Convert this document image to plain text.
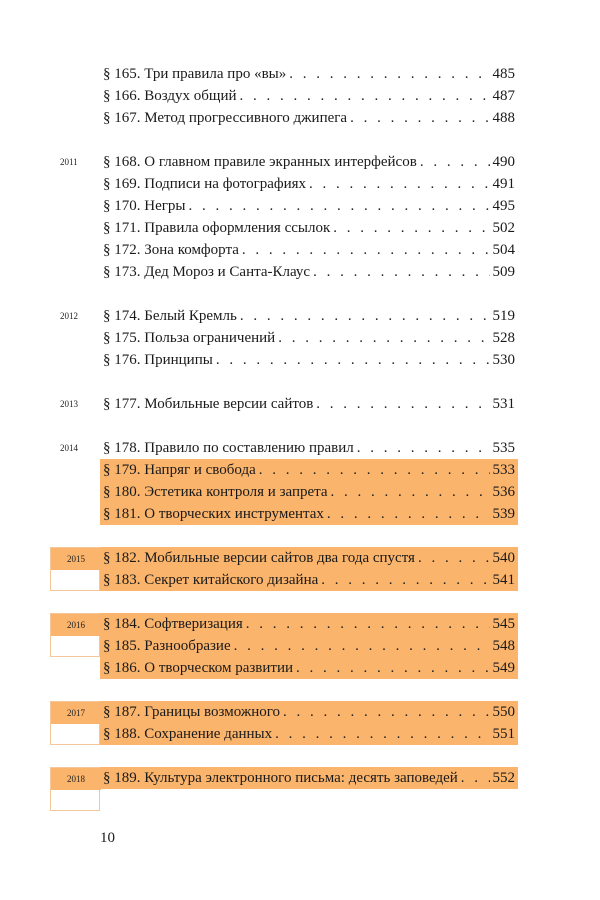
§ 165. Три правила про «вы» . . .	485
§ 166. Воздух общий . . .	487
§ 167. Метод прогрессивного джипега . . .	488
2011	§ 168. О главном правиле экранных интерфейсов . . .	490
§ 169. Подписи на фотографиях . . .	491
§ 170. Негры . . .	495
§ 171. Правила оформления ссылок . . .	502
§ 172. Зона комфорта . . .	504
§ 173. Дед Мороз и Санта-Клаус . . .	509
2012	§ 174. Белый Кремль . . .	519
§ 175. Польза ограничений . . .	528
§ 176. Принципы . . .	530
2013	§ 177. Мобильные версии сайтов . . .	531
2014	§ 178. Правило по составлению правил . . .	535
§ 179. Напряг и свобода . . .	533
§ 180. Эстетика контроля и запрета . . .	536
§ 181. О творческих инструментах . . .	539
2015	§ 182. Мобильные версии сайтов два года спустя . . .	540
§ 183. Секрет китайского дизайна . . .	541
2016	§ 184. Софтверизация . . .	545
§ 185. Разнообразие . . .	548
§ 186. О творческом развитии . . .	549
2017	§ 187. Границы возможного . . .	550
§ 188. Сохранение данных . . .	551
2018	§ 189. Культура электронного письма: десять заповедей . . . 552
10
